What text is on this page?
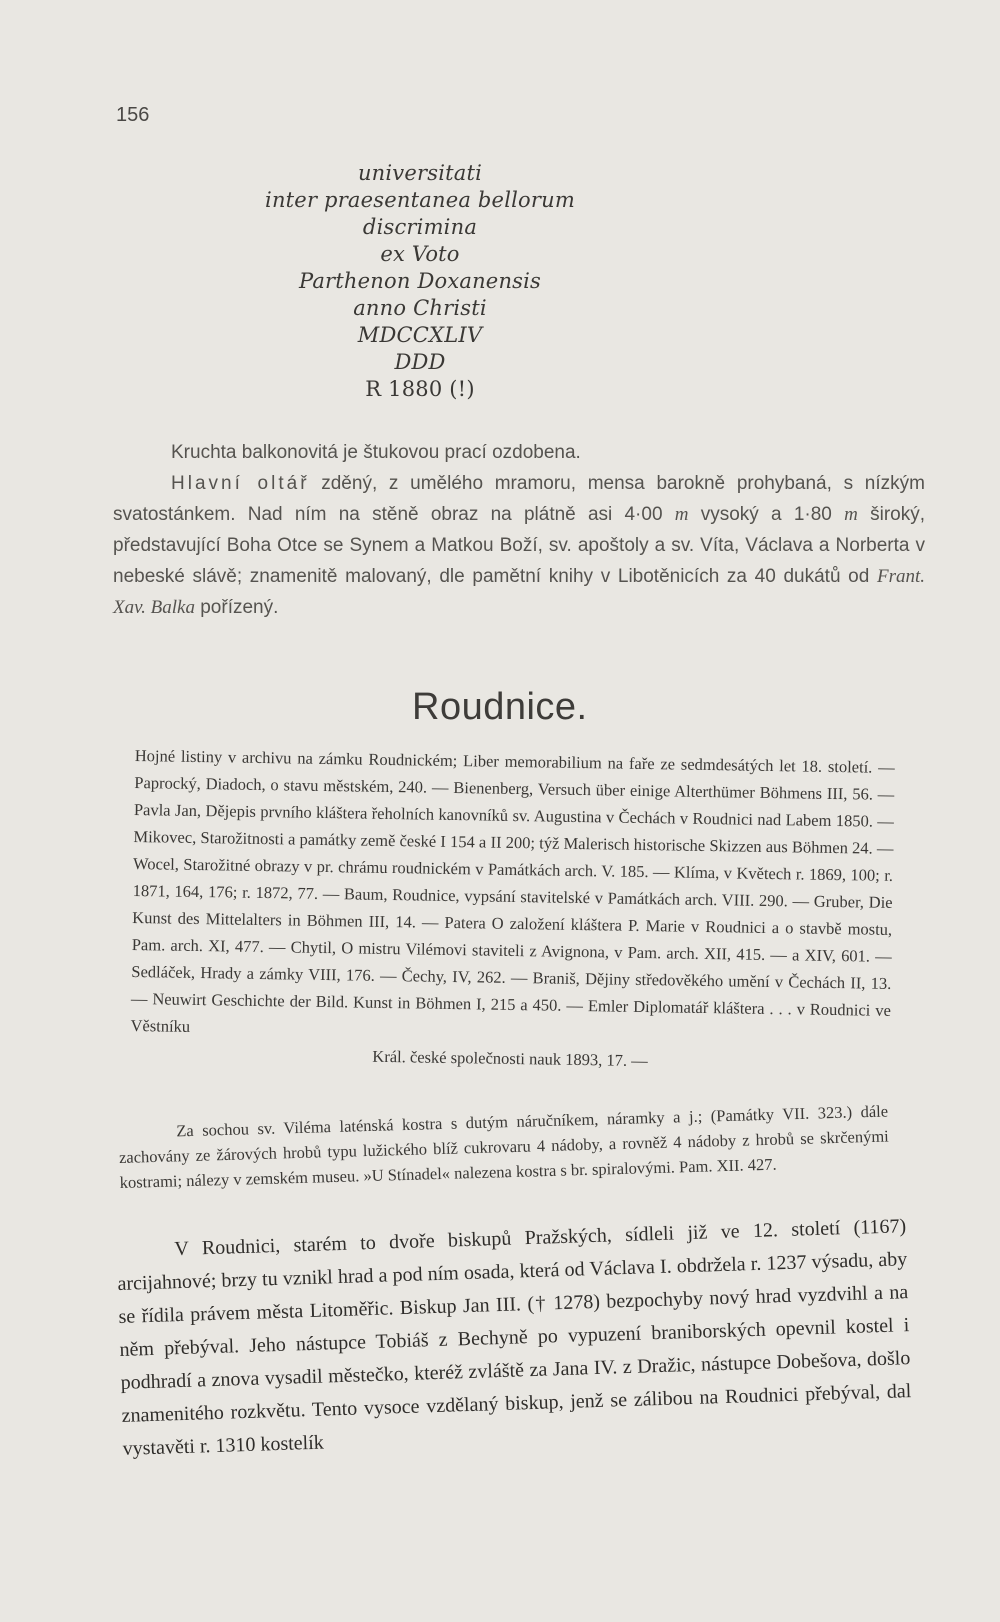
156
universitati
inter praesentanea bellorum
discrimina
ex Voto
Parthenon Doxanensis
anno Christi
MDCCXLIV
DDD
R 1880 (!)

Kruchta balkonovitá je štukovou prací ozdobena.

Hlavní oltář zděný, z umělého mramoru, mensa barokně prohybaná, s nízkým svatostánkem. Nad ním na stěně obraz na plátně asi 4·00 m vysoký a 1·80 m široký, představující Boha Otce se Synem a Matkou Boží, sv. apoštoly a sv. Víta, Václava a Norberta v nebeské slávě; znamenitě malovaný, dle pamětní knihy v Libotěnicích za 40 dukátů od Frant. Xav. Balka pořízený.

Roudnice.

Hojné listiny v archivu na zámku Roudnickém; Liber memorabilium na faře ze sedmdesátých let 18. století. — Paprocký, Diadoch, o stavu městském, 240. — Bienenberg, Versuch über einige Alterthümer Böhmens III, 56. — Pavla Jan, Dějepis prvního kláštera řeholních kanovníků sv. Augustina v Čechách v Roudnici nad Labem 1850. — Mikovec, Starožitnosti a památky země české I 154 a II 200; týž Malerisch historische Skizzen aus Böhmen 24. — Wocel, Starožitné obrazy v pr. chrámu roudnickém v Památkách arch. V. 185. — Klíma, v Květech r. 1869, 100; r. 1871, 164, 176; r. 1872, 77. — Baum, Roudnice, vypsání stavitelské v Památkách arch. VIII. 290. — Gruber, Die Kunst des Mittelalters in Böhmen III, 14. — Patera O založení kláštera P. Marie v Roudnici a o stavbě mostu, Pam. arch. XI, 477. — Chytil, O mistru Vilémovi staviteli z Avignona, v Pam. arch. XII, 415. — a XIV, 601. — Sedláček, Hrady a zámky VIII, 176. — Čechy, IV, 262. — Braniš, Dějiny středověkého umění v Čechách II, 13. — Neuwirt Geschichte der Bild. Kunst in Böhmen I, 215 a 450. — Emler Diplomatář kláštera . . . v Roudnici ve Věstníku

Král. české společnosti nauk 1893, 17. —

Za sochou sv. Viléma laténská kostra s dutým náručníkem, náramky a j.; (Památky VII. 323.) dále zachovány ze žárových hrobů typu lužického blíž cukrovaru 4 nádoby, a rovněž 4 nádoby z hrobů se skrčenými kostrami; nálezy v zemském museu. »U Stínadel« nalezena kostra s br. spiralovými. Pam. XII. 427.

V Roudnici, starém to dvoře biskupů Pražských, sídleli již ve 12. století (1167) arcijahnové; brzy tu vznikl hrad a pod ním osada, která od Václava I. obdržela r. 1237 výsadu, aby se řídila právem města Litoměřic. Biskup Jan III. († 1278) bezpochyby nový hrad vyzdvihl a na něm přebýval. Jeho nástupce Tobiáš z Bechyně po vypuzení braniborských opevnil kostel i podhradí a znova vysadil městečko, kteréž zvláště za Jana IV. z Dražic, nástupce Dobešova, došlo znamenitého rozkvětu. Tento vysoce vzdělaný biskup, jenž se zálibou na Roudnici přebýval, dal vystavěti r. 1310 kostelík
